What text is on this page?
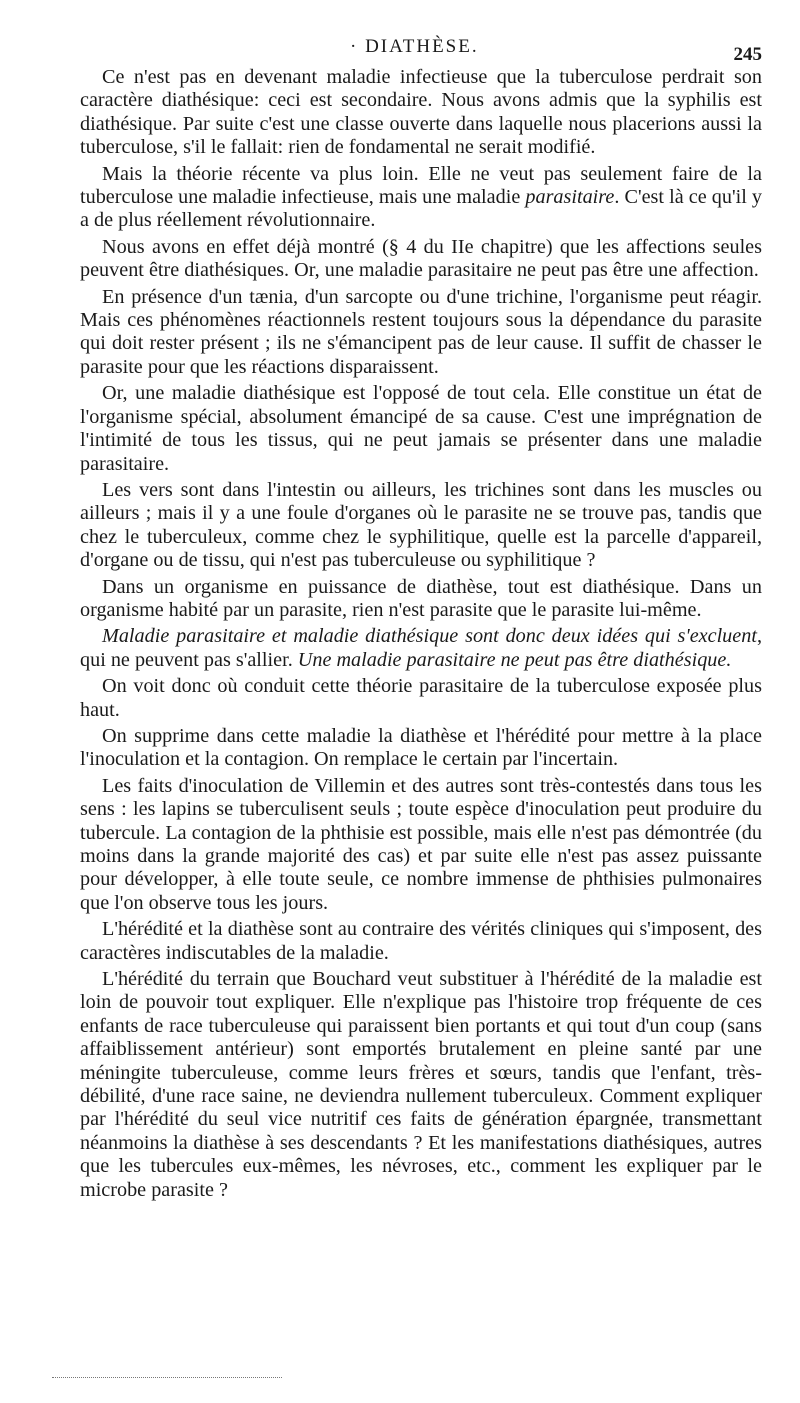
· DIATHÈSE.	245

Ce n'est pas en devenant maladie infectieuse que la tuberculose perdrait son caractère diathésique: ceci est secondaire. Nous avons admis que la syphilis est diathésique. Par suite c'est une classe ouverte dans laquelle nous placerions aussi la tuberculose, s'il le fallait: rien de fondamental ne serait modifié.

Mais la théorie récente va plus loin. Elle ne veut pas seulement faire de la tuberculose une maladie infectieuse, mais une maladie parasitaire. C'est là ce qu'il y a de plus réellement révolutionnaire.

Nous avons en effet déjà montré (§ 4 du IIe chapitre) que les affections seules peuvent être diathésiques. Or, une maladie parasitaire ne peut pas être une affection.

En présence d'un tænia, d'un sarcopte ou d'une trichine, l'organisme peut réagir. Mais ces phénomènes réactionnels restent toujours sous la dépendance du parasite qui doit rester présent ; ils ne s'émancipent pas de leur cause. Il suffit de chasser le parasite pour que les réactions disparaissent.

Or, une maladie diathésique est l'opposé de tout cela. Elle constitue un état de l'organisme spécial, absolument émancipé de sa cause. C'est une imprégnation de l'intimité de tous les tissus, qui ne peut jamais se présenter dans une maladie parasitaire.

Les vers sont dans l'intestin ou ailleurs, les trichines sont dans les muscles ou ailleurs ; mais il y a une foule d'organes où le parasite ne se trouve pas, tandis que chez le tuberculeux, comme chez le syphilitique, quelle est la parcelle d'appareil, d'organe ou de tissu, qui n'est pas tuberculeuse ou syphilitique ?

Dans un organisme en puissance de diathèse, tout est diathésique. Dans un organisme habité par un parasite, rien n'est parasite que le parasite lui-même.

Maladie parasitaire et maladie diathésique sont donc deux idées qui s'excluent, qui ne peuvent pas s'allier. Une maladie parasitaire ne peut pas être diathésique.

On voit donc où conduit cette théorie parasitaire de la tuberculose exposée plus haut.

On supprime dans cette maladie la diathèse et l'hérédité pour mettre à la place l'inoculation et la contagion. On remplace le certain par l'incertain.

Les faits d'inoculation de Villemin et des autres sont très-contestés dans tous les sens : les lapins se tuberculisent seuls ; toute espèce d'inoculation peut produire du tubercule. La contagion de la phthisie est possible, mais elle n'est pas démontrée (du moins dans la grande majorité des cas) et par suite elle n'est pas assez puissante pour développer, à elle toute seule, ce nombre immense de phthisies pulmonaires que l'on observe tous les jours.

L'hérédité et la diathèse sont au contraire des vérités cliniques qui s'imposent, des caractères indiscutables de la maladie.

L'hérédité du terrain que Bouchard veut substituer à l'hérédité de la maladie est loin de pouvoir tout expliquer. Elle n'explique pas l'histoire trop fréquente de ces enfants de race tuberculeuse qui paraissent bien portants et qui tout d'un coup (sans affaiblissement antérieur) sont emportés brutalement en pleine santé par une méningite tuberculeuse, comme leurs frères et sœurs, tandis que l'enfant, très-débilité, d'une race saine, ne deviendra nullement tuberculeux. Comment expliquer par l'hérédité du seul vice nutritif ces faits de génération épargnée, transmettant néanmoins la diathèse à ses descendants ? Et les manifestations diathésiques, autres que les tubercules eux-mêmes, les névroses, etc., comment les expliquer par le microbe parasite ?
